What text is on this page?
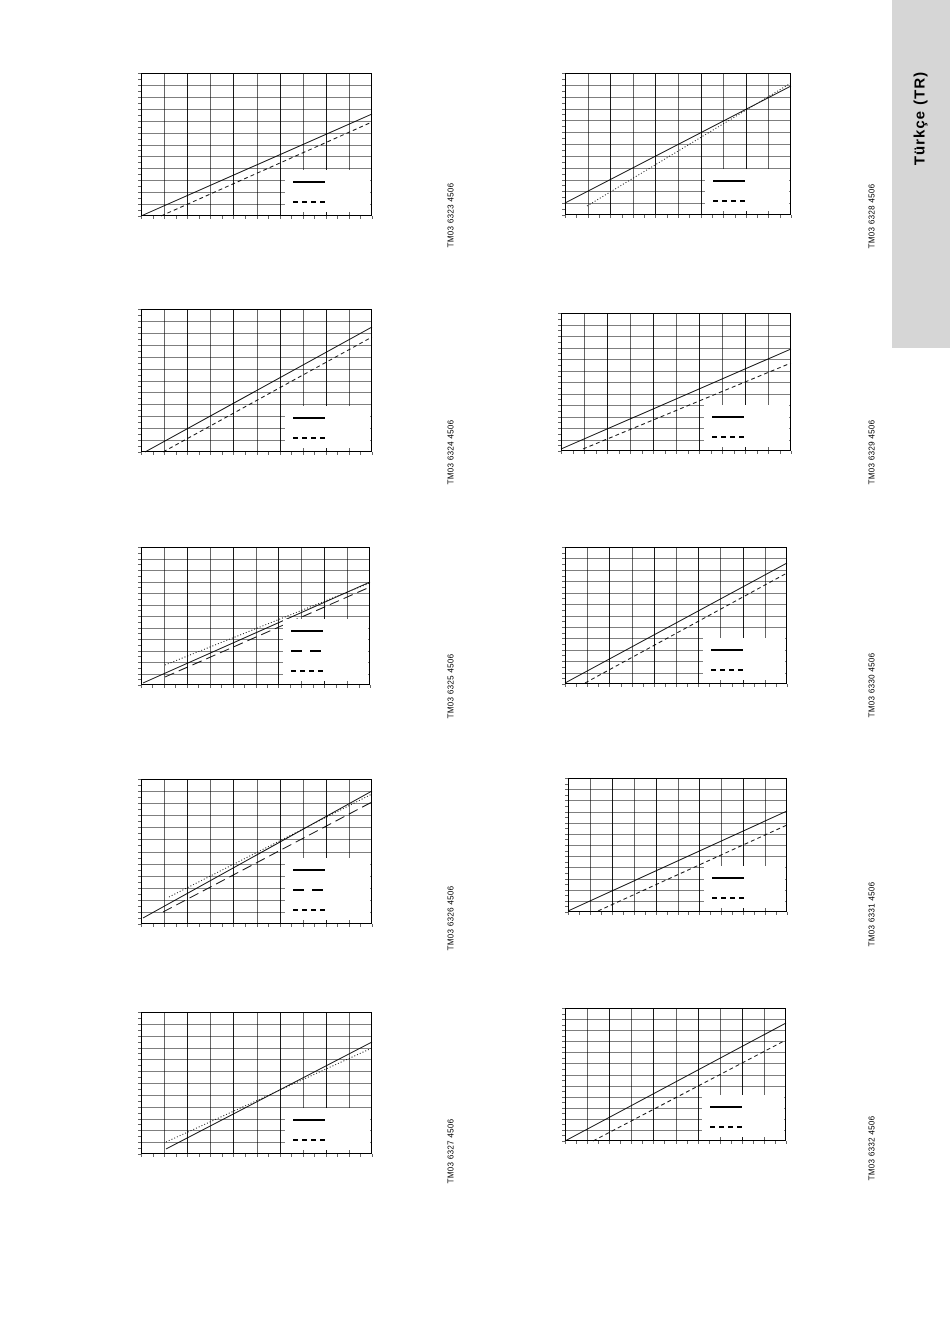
Türkçe (TR)
TM03 6323 4506
TM03 6324 4506
TM03 6325 4506
TM03 6326 4506
TM03 6327 4506
TM03 6328 4506
TM03 6329 4506
TM03 6330 4506
TM03 6331 4506
TM03 6332 4506
